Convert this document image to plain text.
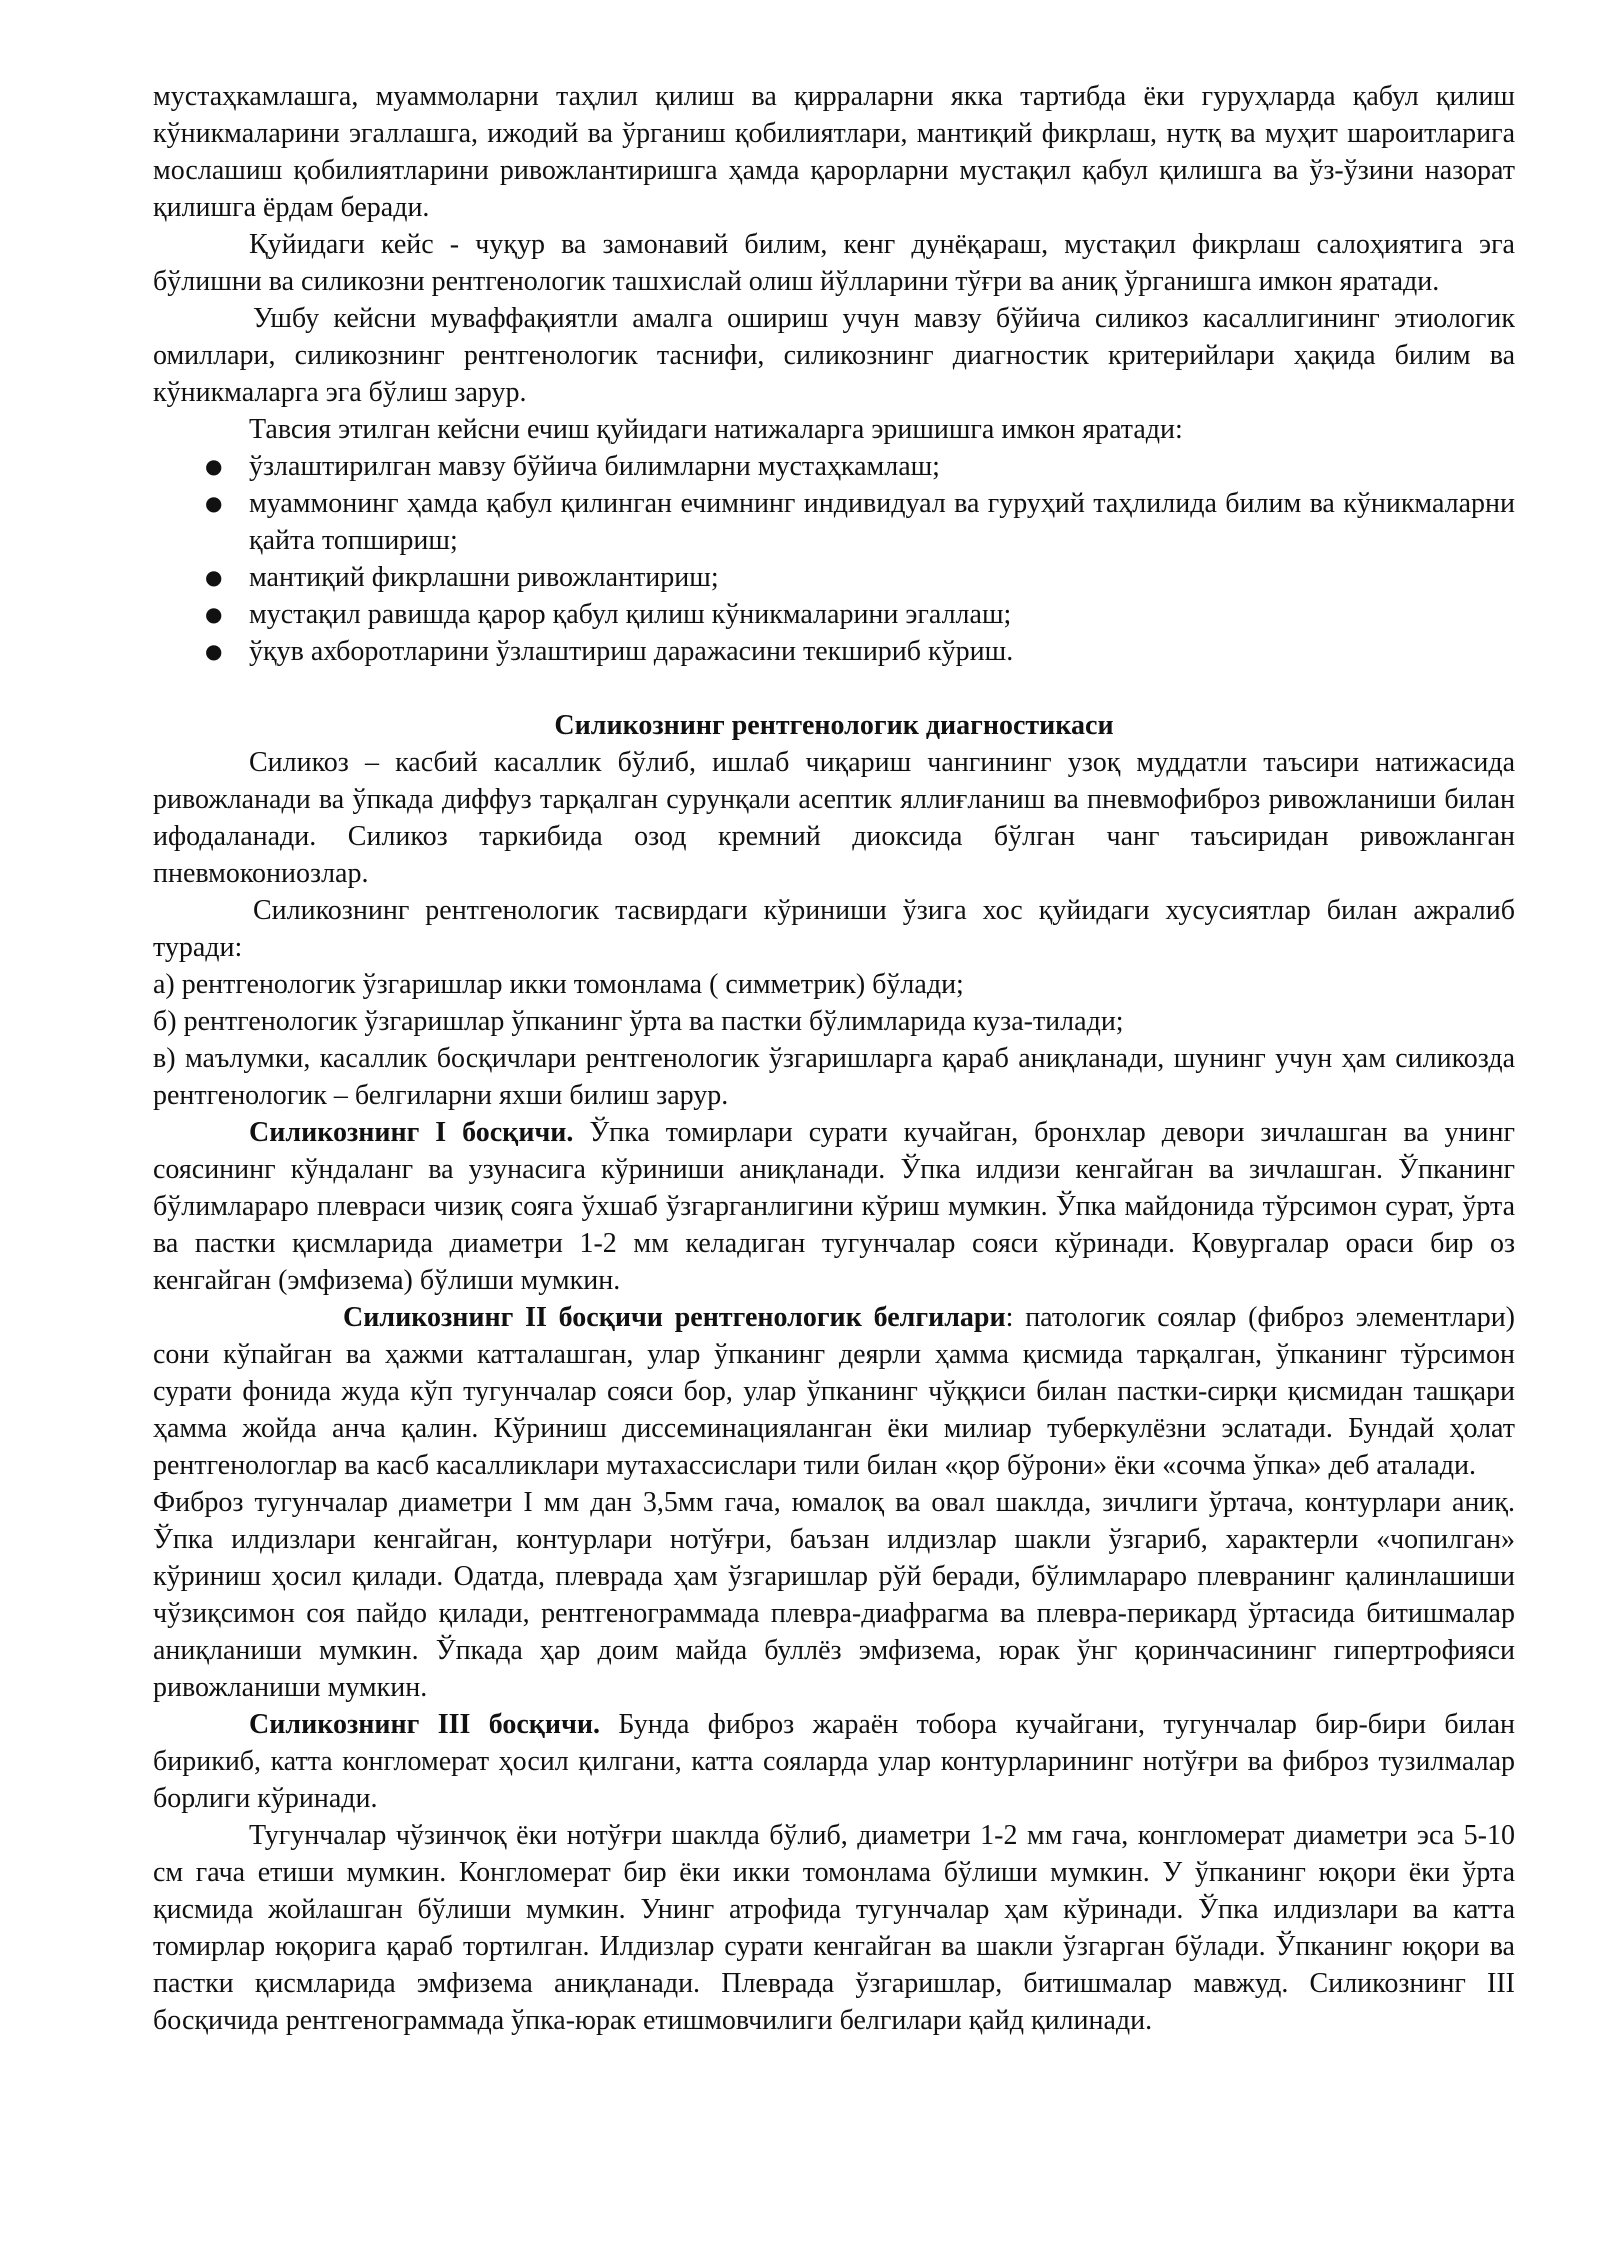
мустаҳкамлашга, муаммоларни таҳлил қилиш ва қирраларни якка тартибда ёки гуруҳларда қабул қилиш кўникмаларини эгаллашга, ижодий ва ўрганиш қобилиятлари, мантиқий фикрлаш, нутқ ва муҳит шароитларига мослашиш қобилиятларини ривожлантиришга ҳамда қарорларни мустақил қабул қилишга ва ўз-ўзини назорат қилишга ёрдам беради.

Қуйидаги кейс - чуқур ва замонавий билим, кенг дунёқараш, мустақил фикрлаш салоҳиятига эга бўлишни ва силикозни рентгенологик ташхислай олиш йўлларини тўғри ва аниқ ўрганишга имкон яратади.

Ушбу кейсни муваффақиятли амалга ошириш учун мавзу бўйича силикоз касаллигининг этиологик омиллари, силикознинг рентгенологик таснифи, силикознинг диагностик критерийлари ҳақида билим ва кўникмаларга эга бўлиш зарур.

Тавсия этилган кейсни ечиш қуйидаги натижаларга эришишга имкон яратади:

● ўзлаштирилган мавзу бўйича билимларни мустаҳкамлаш;
● муаммонинг ҳамда қабул қилинган ечимнинг индивидуал ва гуруҳий таҳлилида билим ва кўникмаларни қайта топшириш;
● мантиқий фикрлашни ривожлантириш;
● мустақил равишда қарор қабул қилиш кўникмаларини эгаллаш;
● ўқув ахборотларини ўзлаштириш даражасини текшириб кўриш.

Силикознинг рентгенологик диагностикаси

Силикоз – касбий касаллик бўлиб, ишлаб чиқариш чангининг узоқ муддатли таъсири натижасида ривожланади ва ўпкада диффуз тарқалган сурунқали асептик яллиғланиш ва пневмофиброз ривожланиши билан ифодаланади. Силикоз таркибида озод кремний диоксида бўлган чанг таъсиридан ривожланган пневмокониозлар.

Силикознинг рентгенологик тасвирдаги кўриниши ўзига хос қуйидаги хусусиятлар билан ажралиб туради:

а) рентгенологик ўзгаришлар икки томонлама ( симметрик) бўлади;

б) рентгенологик ўзгаришлар ўпканинг ўрта ва пастки бўлимларида куза-тилади;

в) маълумки, касаллик босқичлари рентгенологик ўзгаришларга қараб аниқланади, шунинг учун ҳам силикозда рентгенологик – белгиларни яхши билиш зарур.

Силикознинг I босқичи. Ўпка томирлари сурати кучайган, бронхлар девори зичлашган ва унинг соясининг кўндаланг ва узунасига кўриниши аниқланади. Ўпка илдизи кенгайган ва зичлашган. Ўпканинг бўлимлараро плевраси чизиқ сояга ўхшаб ўзгарганлигини кўриш мумкин. Ўпка майдонида тўрсимон сурат, ўрта ва пастки қисмларида диаметри 1-2 мм келадиган тугунчалар сояси кўринади. Қовургалар ораси бир оз кенгайган (эмфизема) бўлиши мумкин.

Силикознинг II босқичи рентгенологик белгилари: патологик соялар (фиброз элементлари) сони кўпайган ва ҳажми катталашган, улар ўпканинг деярли ҳамма қисмида тарқалган, ўпканинг тўрсимон сурати фонида жуда кўп тугунчалар сояси бор, улар ўпканинг чўққиси билан пастки-сирқи қисмидан ташқари ҳамма жойда анча қалин. Кўриниш диссеминацияланган ёки милиар туберкулёзни эслатади. Бундай ҳолат рентгенологлар ва касб касалликлари мутахассислари тили билан «қор бўрони» ёки «сочма ўпка» деб аталади.

Фиброз тугунчалар диаметри I мм дан 3,5мм гача, юмалоқ ва овал шаклда, зичлиги ўртача, контурлари аниқ. Ўпка илдизлари кенгайган, контурлари нотўғри, баъзан илдизлар шакли ўзгариб, характерли «чопилган» кўриниш ҳосил қилади. Одатда, плеврада ҳам ўзгаришлар рўй беради, бўлимлараро плевранинг қалинлашиши чўзиқсимон соя пайдо қилади, рентгенограммада плевра-диафрагма ва плевра-перикард ўртасида битишмалар аниқланиши мумкин. Ўпкада ҳар доим майда буллёз эмфизема, юрак ўнг қоринчасининг гипертрофияси ривожланиши мумкин.

Силикознинг III босқичи. Бунда фиброз жараён тобора кучайгани, тугунчалар бир-бири билан бирикиб, катта конгломерат ҳосил қилгани, катта сояларда улар контурларининг нотўғри ва фиброз тузилмалар борлиги кўринади.

Тугунчалар чўзинчоқ ёки нотўғри шаклда бўлиб, диаметри 1-2 мм гача, конгломерат диаметри эса 5-10 см гача етиши мумкин. Конгломерат бир ёки икки томонлама бўлиши мумкин. У ўпканинг юқори ёки ўрта қисмида жойлашган бўлиши мумкин. Унинг атрофида тугунчалар ҳам кўринади. Ўпка илдизлари ва катта томирлар юқорига қараб тортилган. Илдизлар сурати кенгайган ва шакли ўзгарган бўлади. Ўпканинг юқори ва пастки қисмларида эмфизема аниқланади. Плеврада ўзгаришлар, битишмалар мавжуд. Силикознинг III босқичида рентгенограммада ўпка-юрак етишмовчилиги белгилари қайд қилинади.
